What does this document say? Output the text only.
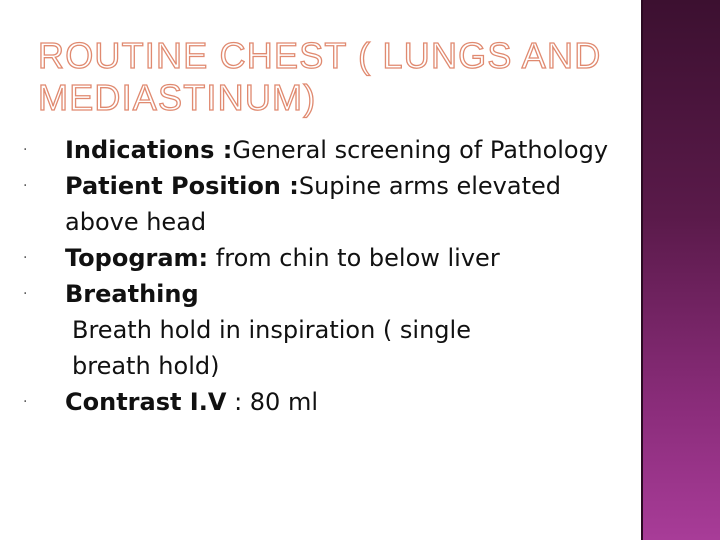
ROUTINE CHEST ( LUNGS AND
MEDIASTINUM)
· Indications :General screening of Pathology
· Patient Position :Supine arms elevated above head
· Topogram: from chin to below liver
· Breathing
Breath hold in inspiration ( single
breath hold)
· Contrast I.V : 80 ml
